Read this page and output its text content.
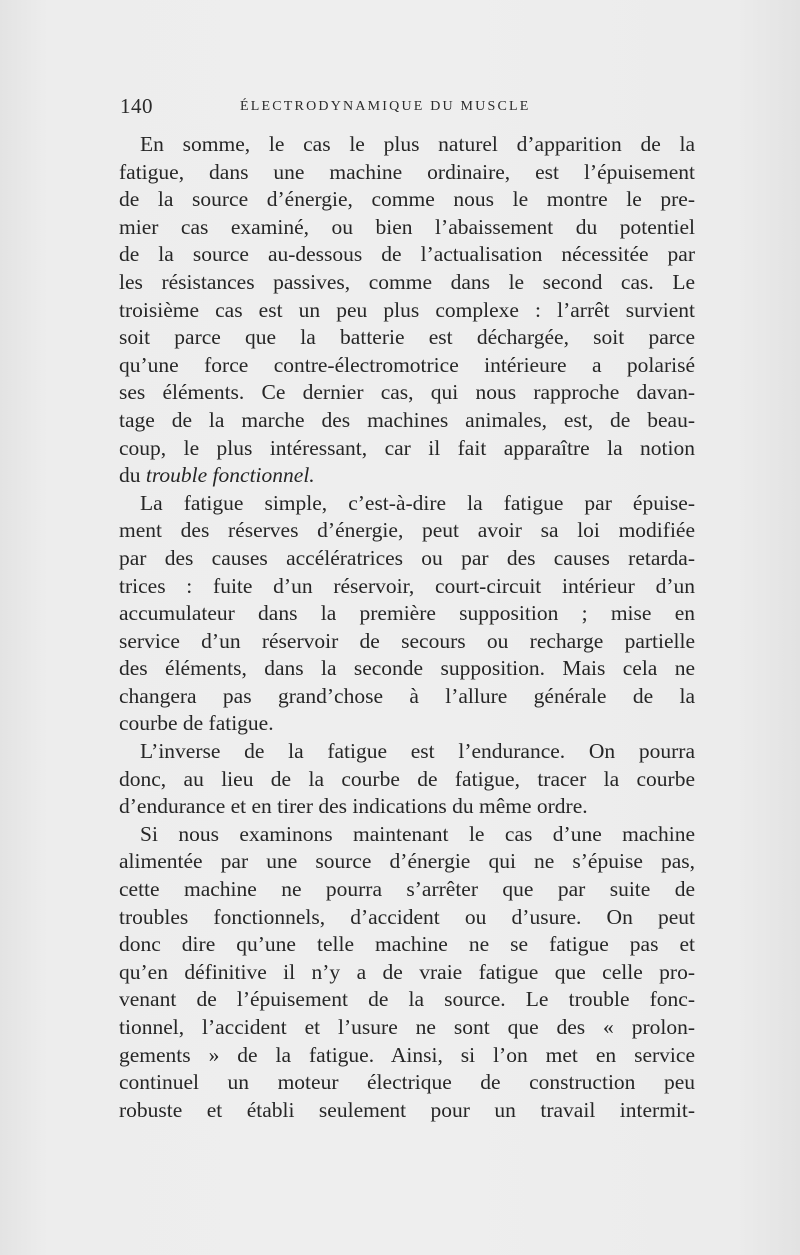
140	ÉLECTRODYNAMIQUE DU MUSCLE
En somme, le cas le plus naturel d’apparition de la
fatigue, dans une machine ordinaire, est l’épuisement
de la source d’énergie, comme nous le montre le pre-
mier cas examiné, ou bien l’abaissement du potentiel
de la source au-dessous de l’actualisation nécessitée par
les résistances passives, comme dans le second cas. Le
troisième cas est un peu plus complexe : l’arrêt survient
soit parce que la batterie est déchargée, soit parce
qu’une force contre-électromotrice intérieure a polarisé
ses éléments. Ce dernier cas, qui nous rapproche davan-
tage de la marche des machines animales, est, de beau-
coup, le plus intéressant, car il fait apparaître la notion
du trouble fonctionnel.
La fatigue simple, c’est-à-dire la fatigue par épuise-
ment des réserves d’énergie, peut avoir sa loi modifiée
par des causes accélératrices ou par des causes retarda-
trices : fuite d’un réservoir, court-circuit intérieur d’un
accumulateur dans la première supposition ; mise en
service d’un réservoir de secours ou recharge partielle
des éléments, dans la seconde supposition. Mais cela ne
changera pas grand’chose à l’allure générale de la
courbe de fatigue.
L’inverse de la fatigue est l’endurance. On pourra
donc, au lieu de la courbe de fatigue, tracer la courbe
d’endurance et en tirer des indications du même ordre.
Si nous examinons maintenant le cas d’une machine
alimentée par une source d’énergie qui ne s’épuise pas,
cette machine ne pourra s’arrêter que par suite de
troubles fonctionnels, d’accident ou d’usure. On peut
donc dire qu’une telle machine ne se fatigue pas et
qu’en définitive il n’y a de vraie fatigue que celle pro-
venant de l’épuisement de la source. Le trouble fonc-
tionnel, l’accident et l’usure ne sont que des « prolon-
gements » de la fatigue. Ainsi, si l’on met en service
continuel un moteur électrique de construction peu
robuste et établi seulement pour un travail intermit-
